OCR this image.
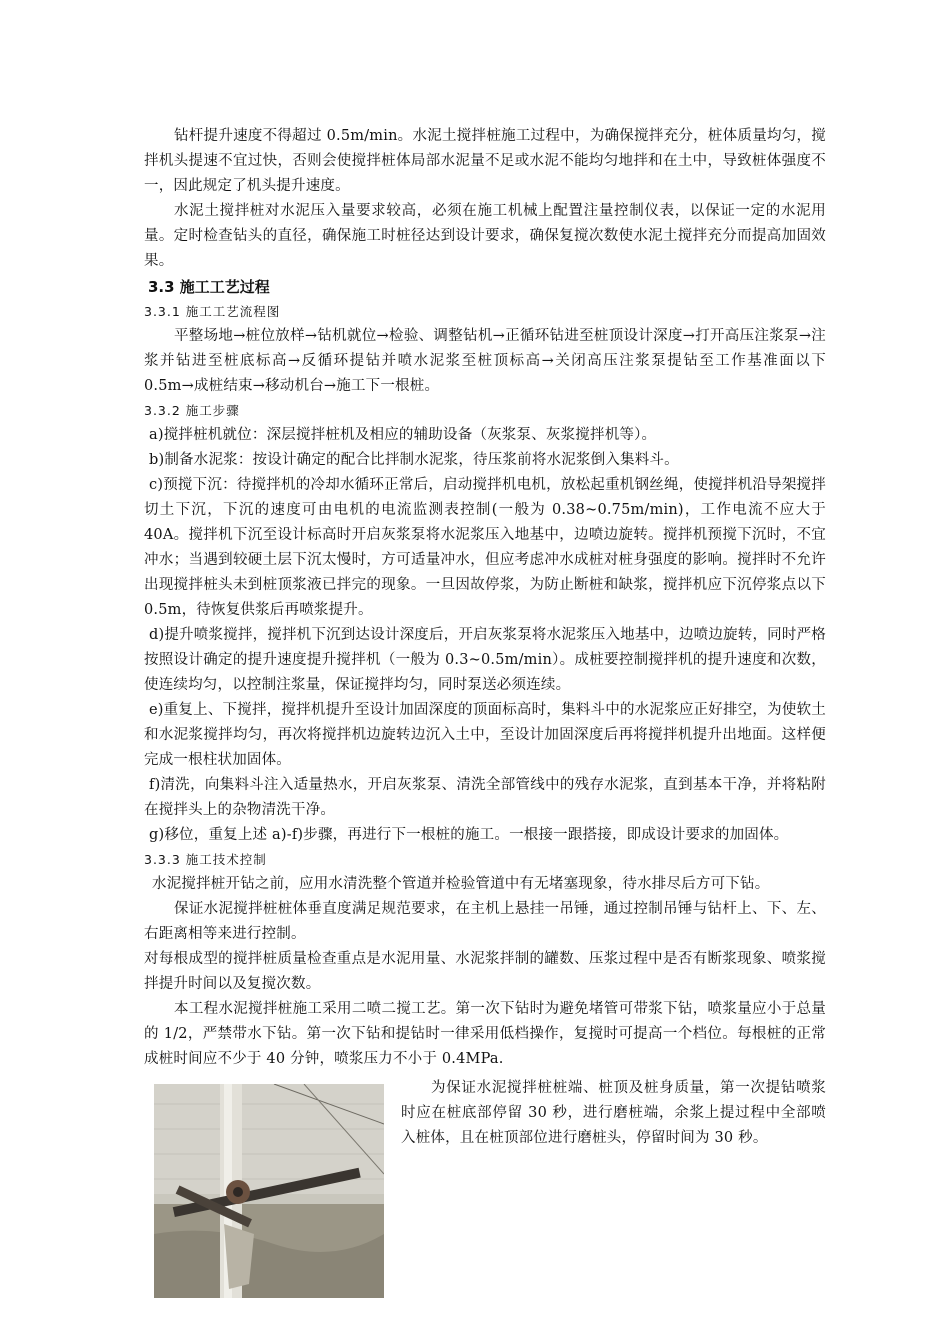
钻杆提升速度不得超过 0.5m/min。水泥土搅拌桩施工过程中，为确保搅拌充分，桩体质量均匀，搅拌机头提速不宜过快，否则会使搅拌桩体局部水泥量不足或水泥不能均匀地拌和在土中，导致桩体强度不一，因此规定了机头提升速度。

水泥土搅拌桩对水泥压入量要求较高，必须在施工机械上配置注量控制仪表，以保证一定的水泥用量。定时检查钻头的直径，确保施工时桩径达到设计要求，确保复搅次数使水泥土搅拌充分而提高加固效果。

3.3 施工工艺过程
3.3.1 施工工艺流程图

平整场地→桩位放样→钻机就位→检验、调整钻机→正循环钻进至桩顶设计深度→打开高压注浆泵→注浆并钻进至桩底标高→反循环提钻并喷水泥浆至桩顶标高→关闭高压注浆泵提钻至工作基准面以下 0.5m→成桩结束→移动机台→施工下一根桩。

3.3.2 施工步骤

a)搅拌桩机就位：深层搅拌桩机及相应的辅助设备（灰浆泵、灰浆搅拌机等）。

b)制备水泥浆：按设计确定的配合比拌制水泥浆，待压浆前将水泥浆倒入集料斗。

c)预搅下沉：待搅拌机的冷却水循环正常后，启动搅拌机电机，放松起重机钢丝绳，使搅拌机沿导架搅拌切土下沉，下沉的速度可由电机的电流监测表控制(一般为 0.38~0.75m/min)，工作电流不应大于 40A。搅拌机下沉至设计标高时开启灰浆泵将水泥浆压入地基中，边喷边旋转。搅拌机预搅下沉时，不宜冲水；当遇到较硬土层下沉太慢时，方可适量冲水，但应考虑冲水成桩对桩身强度的影响。搅拌时不允许出现搅拌桩头未到桩顶浆液已拌完的现象。一旦因故停浆，为防止断桩和缺浆，搅拌机应下沉停浆点以下 0.5m，待恢复供浆后再喷浆提升。

d)提升喷浆搅拌，搅拌机下沉到达设计深度后，开启灰浆泵将水泥浆压入地基中，边喷边旋转，同时严格按照设计确定的提升速度提升搅拌机（一般为 0.3~0.5m/min）。成桩要控制搅拌机的提升速度和次数，使连续均匀，以控制注浆量，保证搅拌均匀，同时泵送必须连续。

e)重复上、下搅拌，搅拌机提升至设计加固深度的顶面标高时，集料斗中的水泥浆应正好排空，为使软土和水泥浆搅拌均匀，再次将搅拌机边旋转边沉入土中，至设计加固深度后再将搅拌机提升出地面。这样便完成一根柱状加固体。

f)清洗，向集料斗注入适量热水，开启灰浆泵、清洗全部管线中的残存水泥浆，直到基本干净，并将粘附在搅拌头上的杂物清洗干净。

g)移位，重复上述 a)-f)步骤，再进行下一根桩的施工。一根接一跟搭接，即成设计要求的加固体。

3.3.3 施工技术控制

水泥搅拌桩开钻之前，应用水清洗整个管道并检验管道中有无堵塞现象，待水排尽后方可下钻。

保证水泥搅拌桩桩体垂直度满足规范要求，在主机上悬挂一吊锤，通过控制吊锤与钻杆上、下、左、右距离相等来进行控制。

对每根成型的搅拌桩质量检查重点是水泥用量、水泥浆拌制的罐数、压浆过程中是否有断浆现象、喷浆搅拌提升时间以及复搅次数。

本工程水泥搅拌桩施工采用二喷二搅工艺。第一次下钻时为避免堵管可带浆下钻，喷浆量应小于总量的 1/2，严禁带水下钻。第一次下钻和提钻时一律采用低档操作，复搅时可提高一个档位。每根桩的正常成桩时间应不少于 40 分钟，喷浆压力不小于 0.4MPa.

为保证水泥搅拌桩桩端、桩顶及桩身质量，第一次提钻喷浆时应在桩底部停留 30 秒，进行磨桩端，余浆上提过程中全部喷入桩体，且在桩顶部位进行磨桩头，停留时间为 30 秒。
